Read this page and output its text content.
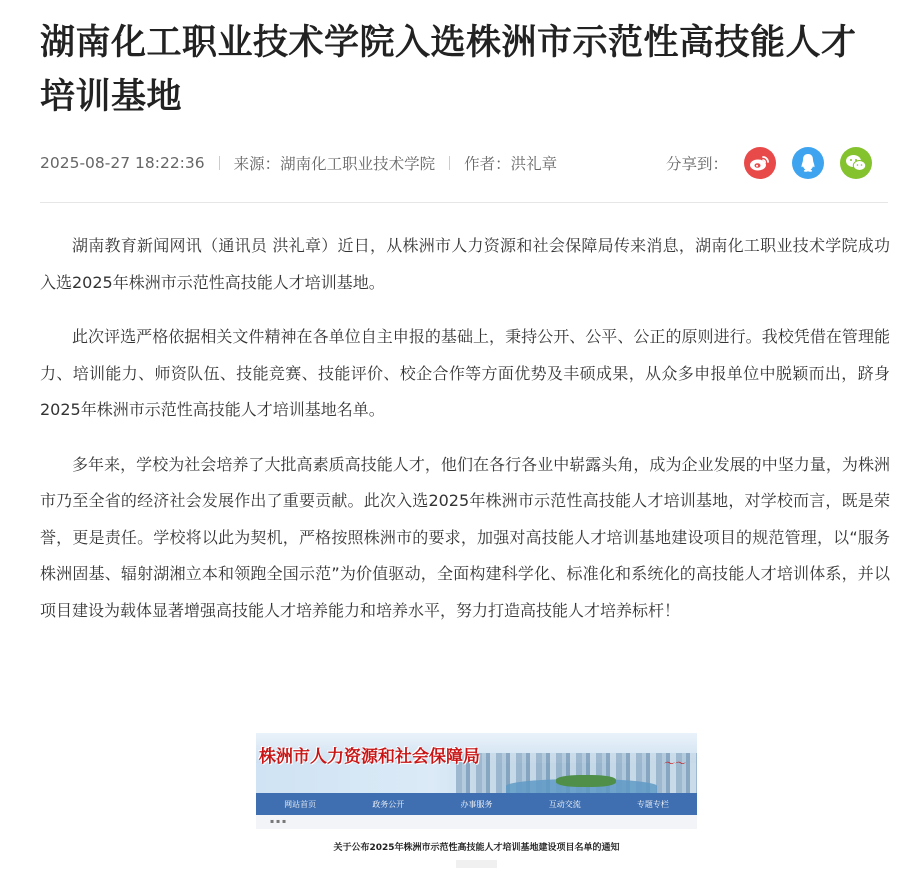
湖南化工职业技术学院入选株洲市示范性高技能人才培训基地
2025-08-27 18:22:36 来源：湖南化工职业技术学院 作者：洪礼章	分享到：

湖南教育新闻网讯（通讯员 洪礼章）近日，从株洲市人力资源和社会保障局传来消息，湖南化工职业技术学院成功入选2025年株洲市示范性高技能人才培训基地。

此次评选严格依据相关文件精神在各单位自主申报的基础上，秉持公开、公平、公正的原则进行。我校凭借在管理能力、培训能力、师资队伍、技能竞赛、技能评价、校企合作等方面优势及丰硕成果，从众多申报单位中脱颖而出，跻身2025年株洲市示范性高技能人才培训基地名单。

多年来，学校为社会培养了大批高素质高技能人才，他们在各行各业中崭露头角，成为企业发展的中坚力量，为株洲市乃至全省的经济社会发展作出了重要贡献。此次入选2025年株洲市示范性高技能人才培训基地，对学校而言，既是荣誉，更是责任。学校将以此为契机，严格按照株洲市的要求，加强对高技能人才培训基地建设项目的规范管理，以“服务株洲固基、辐射湖湘立本和领跑全国示范”为价值驱动，全面构建科学化、标准化和系统化的高技能人才培训体系，并以项目建设为载体显著增强高技能人才培养能力和培养水平，努力打造高技能人才培养标杆！

株洲市人力资源和社会保障局	〜〜
网站首页	政务公开	办事服务	互动交流	专题专栏
▪ ▪ ▪
关于公布2025年株洲市示范性高技能人才培训基地建设项目名单的通知
